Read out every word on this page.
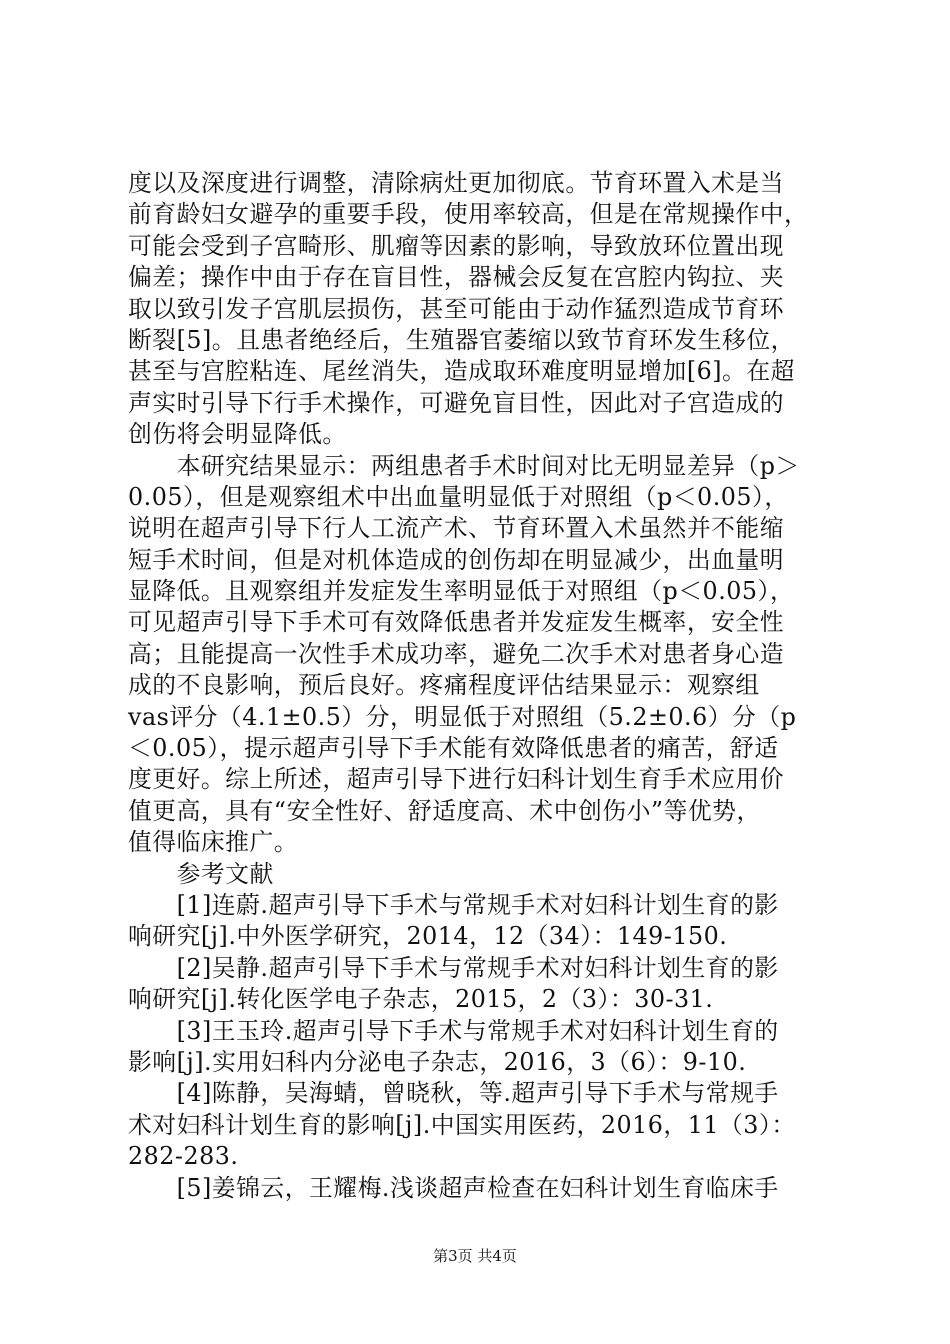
度以及深度进行调整，清除病灶更加彻底。节育环置入术是当
前育龄妇女避孕的重要手段，使用率较高，但是在常规操作中，
可能会受到子宫畸形、肌瘤等因素的影响，导致放环位置出现
偏差；操作中由于存在盲目性，器械会反复在宫腔内钩拉、夹
取以致引发子宫肌层损伤，甚至可能由于动作猛烈造成节育环
断裂[5]。且患者绝经后，生殖器官萎缩以致节育环发生移位，
甚至与宫腔粘连、尾丝消失，造成取环难度明显增加[6]。在超
声实时引导下行手术操作，可避免盲目性，因此对子宫造成的
创伤将会明显降低。
　　本研究结果显示：两组患者手术时间对比无明显差异（p＞
0.05），但是观察组术中出血量明显低于对照组（p＜0.05），
说明在超声引导下行人工流产术、节育环置入术虽然并不能缩
短手术时间，但是对机体造成的创伤却在明显减少，出血量明
显降低。且观察组并发症发生率明显低于对照组（p＜0.05），
可见超声引导下手术可有效降低患者并发症发生概率，安全性
高；且能提高一次性手术成功率，避免二次手术对患者身心造
成的不良影响，预后良好。疼痛程度评估结果显示：观察组
vas评分（4.1±0.5）分，明显低于对照组（5.2±0.6）分（p
＜0.05），提示超声引导下手术能有效降低患者的痛苦，舒适
度更好。综上所述，超声引导下进行妇科计划生育手术应用价
值更高，具有“安全性好、舒适度高、术中创伤小”等优势，
值得临床推广。
　　参考文献
　　[1]连蔚.超声引导下手术与常规手术对妇科计划生育的影
响研究[j].中外医学研究，2014，12（34）：149-150.
　　[2]吴静.超声引导下手术与常规手术对妇科计划生育的影
响研究[j].转化医学电子杂志，2015，2（3）：30-31.
　　[3]王玉玲.超声引导下手术与常规手术对妇科计划生育的
影响[j].实用妇科内分泌电子杂志，2016，3（6）：9-10.
　　[4]陈静，吴海蜻，曾晓秋，等.超声引导下手术与常规手
术对妇科计划生育的影响[j].中国实用医药，2016，11（3）：
282-283.
　　[5]姜锦云，王耀梅.浅谈超声检查在妇科计划生育临床手
第3页 共4页
